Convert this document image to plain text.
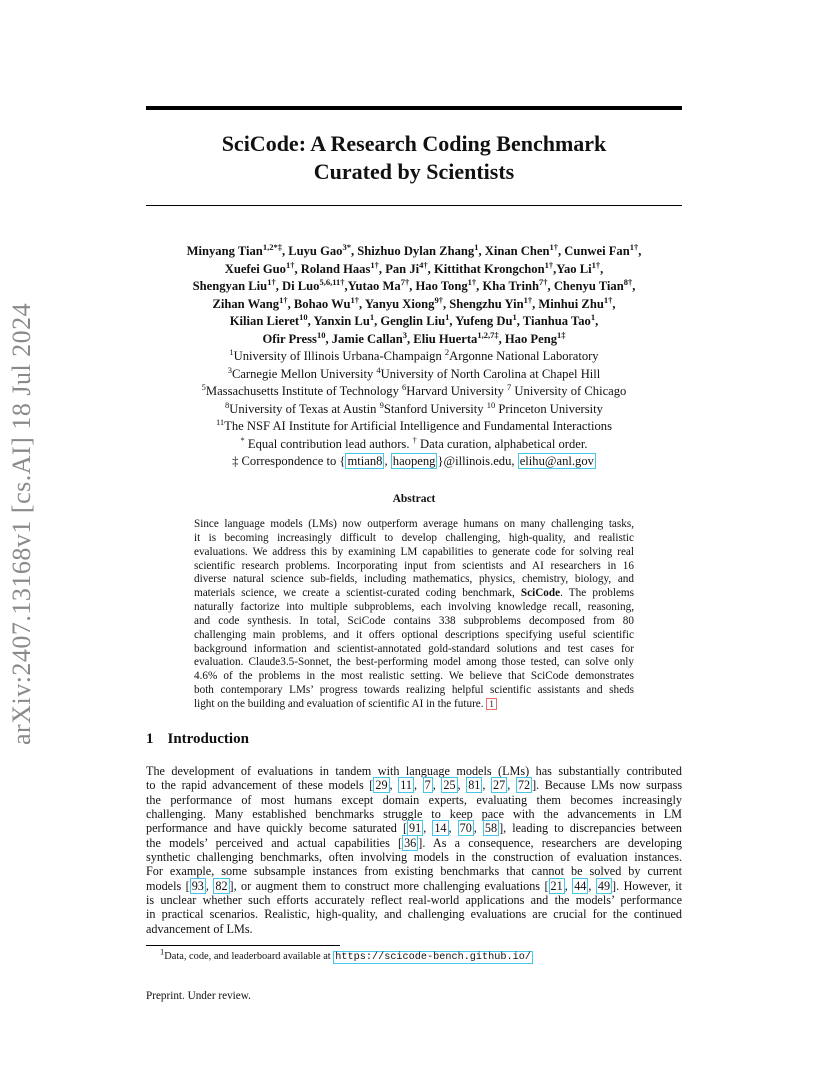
arXiv:2407.13168v1 [cs.AI] 18 Jul 2024
SciCode: A Research Coding Benchmark
Curated by Scientists
Minyang Tian$^{1,2*\ddagger}$, Luyu Gao$^{3*}$, Shizhuo Dylan Zhang$^1$, Xinan Chen$^{1\dagger}$, Cunwei Fan$^{1\dagger}$,
Xuefei Guo$^{1\dagger}$, Roland Haas$^{1\dagger}$, Pan $Ji^{4\dagger}$, Kittithat Krongchon$^{1\dagger}$,Yao $Li^{1\dagger}$,
Shengyan Liu$^{1\dagger}$, Di Luo$^{5,6,11\dagger}$,Yutao $Ma^{7\dagger}$, Hao Tong$^{1\dagger}$, Kha Trinh$^{7\dagger}$, Chenyu Tian$^{8\dagger}$,
Zihan Wang$^{1\dagger}$, Bohao $Wu^{1\dagger}$, Yanyu Xiong$^{9\dagger}$, Shengzhu Yin$^{1\dagger}$, Minhui Zhu$^{1\dagger}$,
Kilian Lieret$^{10}$, Yanxin Lu$^1$, Genglin Liu$^1$, Yufeng Du$^1$, Tianhua Tao$^1$,
Ofir Press$^{10}$, Jamie Callan$^3$, Eliu Huerta$^{1,2,7\ddagger}$, Hao Peng$^{1\ddagger}$
$^1$University of Illinois Urbana-Champaign $^2$Argonne National Laboratory
$^3$Carnegie Mellon University $^4$University of North Carolina at Chapel Hill
$^5$Massachusetts Institute of Technology $^6$Harvard University $^7$ University of Chicago
$^8$University of Texas at Austin $^9$Stanford University $^{10}$ Princeton University
$^{11}$The NSF AI Institute for Artificial Intelligence and Fundamental Interactions
* Equal contribution lead authors. † Data curation, alphabetical order.
‡ Correspondence to { mtian8 , haopeng }@illinois.edu, elihu@anl.gov
Abstract
Since language models (LMs) now outperform average humans on many challenging tasks,
it is becoming increasingly difficult to develop challenging, high-quality, and realistic
evaluations. We address this by examining LM capabilities to generate code for solving real
scientific research problems. Incorporating input from scientists and AI researchers in 16
diverse natural science sub-fields, including mathematics, physics, chemistry, biology, and
materials science, we create a scientist-curated coding benchmark, SciCode. The problems
naturally factorize into multiple subproblems, each involving knowledge recall, reasoning,
and code synthesis. In total, SciCode contains 338 subproblems decomposed from 80
challenging main problems, and it offers optional descriptions specifying useful scientific
background information and scientist-annotated gold-standard solutions and test cases for
evaluation. Claude3.5-Sonnet, the best-performing model among those tested, can solve only
4.6% of the problems in the most realistic setting. We believe that SciCode demonstrates
both contemporary LMs’ progress towards realizing helpful scientific assistants and sheds
light on the building and evaluation of scientific AI in the future. $^1$
1 Introduction
The development of evaluations in tandem with language models (LMs) has substantially contributed
to the rapid advancement of these models [ 29 , 11 , 7 , 25 , 81 , 27 , 72 ]. Because LMs now surpass
the performance of most humans except domain experts, evaluating them becomes increasingly
challenging. Many established benchmarks struggle to keep pace with the advancements in LM
performance and have quickly become saturated [ 91 , 14 , 70 , 58 ], leading to discrepancies between
the models’ perceived and actual capabilities [ 36 ]. As a consequence, researchers are developing
synthetic challenging benchmarks, often involving models in the construction of evaluation instances.
For example, some subsample instances from existing benchmarks that cannot be solved by current
models [ 93 , 82 ], or augment them to construct more challenging evaluations [ 21 , 44 , 49 ]. However, it
is unclear whether such efforts accurately reflect real-world applications and the models’ performance
in practical scenarios. Realistic, high-quality, and challenging evaluations are crucial for the continued
advancement of LMs.
$^1$Data, code, and leaderboard available at https://scicode-bench.github.io/
Preprint. Under review.
